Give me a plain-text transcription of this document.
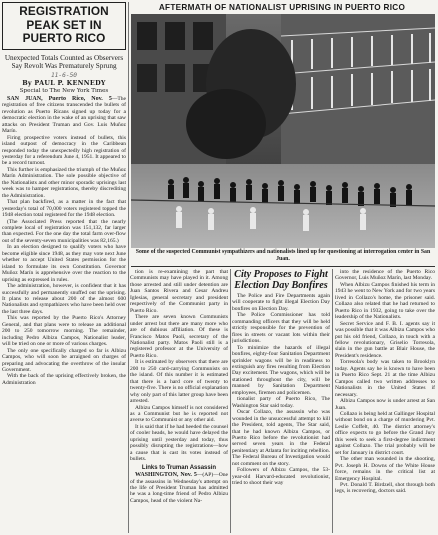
REGISTRATION PEAK SET IN PUERTO RICO
Unexpected Totals Counted as Observers Say Revolt Was Prematurely Sprung
11-6-50
By PAUL P. KENNEDY
Special to The New York Times

SAN JUAN, Puerto Rico, Nov. 5—The registration of free citizens transcended the bullets of revolution as Puerto Ricans signed up today for a democratic election in the wake of an uprising that saw attacks on President Truman and Gov. Luis Muñoz Marín.

Firing prospective voters instead of bullets, this island outpost of democracy in the Caribbean responded today the unexpectedly high registration of yesterday for a referendum June 4, 1951. It appeared to be a record turnout.

This further is emphasized the triumph of the Muñoz Marín Administration. The sole possible objective of the Nationalists and other minor sporadic uprisings last week was to hamper registrations, thereby discrediting the Administration.

That plan backfired, as a matter in the fact that yesterday's total of 70,000 voters registered topped the 1948 election total registered for the 1948 election.

(The Associated Press reported that the nearly complete local of registration was 151,132, far larger than expected. For the one day the total farm over-flow out of the seventy-seven municipalities was 82,165.)

In an election designed to qualify voters who have become eligible since 1948, as they may vote next June whether to accept United States permission for the island to formulate its own Constitution. Governor Muñoz Marín is apprehensive over the reaction to the uprising as expressed in rules.

The administration, however, is confident that it has successfully and permanently snuffed out the uprising. It plans to release about 200 of the almost 600 Nationalists and sympathizers who have been held over the last three days.

This was reported by the Puerto Rico's Attorney General, and that plans were to release an additional 200 to 250 tomorrow morning. The remainder, including Pedro Albizu Campos, Nationalist leader, will be tried on one or more of various charges.

The only one specifically charged so far is Albizu Campos, who will soon be arraigned on charges of preparing and advocating the overthrow of the insular Government.

With the back of the uprising effectively broken, the Administration

AFTERMATH OF NATIONALIST UPRISING IN PUERTO RICO
Some of the suspected Communist sympathizers and nationalists lined up for questioning at interrogation center in San Juan.

tion is re-examining the part that Communists may have played in it. Among those arrested and still under detention are Juan Santos Rivera and Cesar Andreu Iglesias, general secretary and president respectively of the Communist party in Puerto Rico.

There are seven known Communists under arrest but there are many more who are of dubious affiliation. Of these is Francisco Matos Paoli, secretary of the Nationalist party. Matos Paoli still is a registered professor at the University of Puerto Rico.

It is estimated by observers that there are 200 to 250 card-carrying Communists on the island. Of this number it is estimated that there is a hard core of twenty to twenty-five. There is no official explanation why only part of this latter group have been arrested.

Albizu Campos himself is not considered as a Communist but he is reported not averse to Communist or any other aid.

It is said that if he had heeded the counsel of cooler heads, he would have delayed the uprising until yesterday and today, thus possibly disrupting the registrations—how a cause that is cast its votes instead of bullets.

Links to Truman Assassin

WASHINGTON, Nov. 5—(AP)—One of the assassins in Wednesday's attempt on the life of President Truman has admitted he was a long-time friend of Pedro Albizu Campos, head of the violent Na-

City Proposes to Fight Election Day Bonfires

The Police and Fire Departments again will cooperate to fight illegal Election Day bonfires on Election Day.

The Police Commissioner has told commanding officers that they will be held strictly responsible for the prevention of fires in streets or vacant lots within their jurisdictions.

To minimize the hazards of illegal bonfires, eighty-four Sanitation Department sprinkler wagons will be in readiness to extinguish any fires resulting from Election Day excitement. The wagons, which will be stationed throughout the city, will be manned by Sanitation Department employees, firemen and policemen.

tionalist party of Puerto Rico, The Washington Star said today.

Oscar Collazo, the assassin who was wounded in the unsuccessful attempt to kill the President, told agents, The Star said, that he had known Albizu Campos, or Puerto Rico before the revolutionist had served seven years in the Federal penitentiary at Atlanta for inciting rebellion. The Federal Bureau of Investigation would not comment on the story.

Followers of Albizu Campos, the 53-year-old Harvard-educated revolutionist, tried to shoot their way

into the residence of the Puerto Rico Governor, Luis Muñoz Marín, last Monday.

When Albizu Campos finished his term in 1943 he went to New York and for two years lived in Collazo's home, the prisoner said. Collazo also related that he had returned to Puerto Rico in 1932, going to take over the leadership of the Nationalists.

Secret Service and F. B. I. agents say it was possible that it was Albizu Campos who put his old friend, Collazo, in touch with a fellow revolutionary, Griselio Torresola, slain in the gun battle at Blair House, the President's residence.

Torresola's body was taken to Brooklyn today. Agents say he is known to have been in Puerto Rico Sept. 21 at the time Albizu Campos called two written addresses to Nationalists in the United States if necessary.

Albizu Campos now is under arrest at San Juan.

Collazo is being held at Gallinger Hospital without bond on a charge of murdering Pvt. Leslie Coffelt, 40. The district attorney's office expects to go before the Grand Jury this week to seek a first-degree indictment against Collazo. The trial probably will be set for January in district court.

The other man wounded in the shooting, Pvt. Joseph H. Downs of the White House force, remains in the critical list at Emergency Hospital.

Pvt. Donald T. Birdzell, shot through both legs, is recovering, doctors said.
